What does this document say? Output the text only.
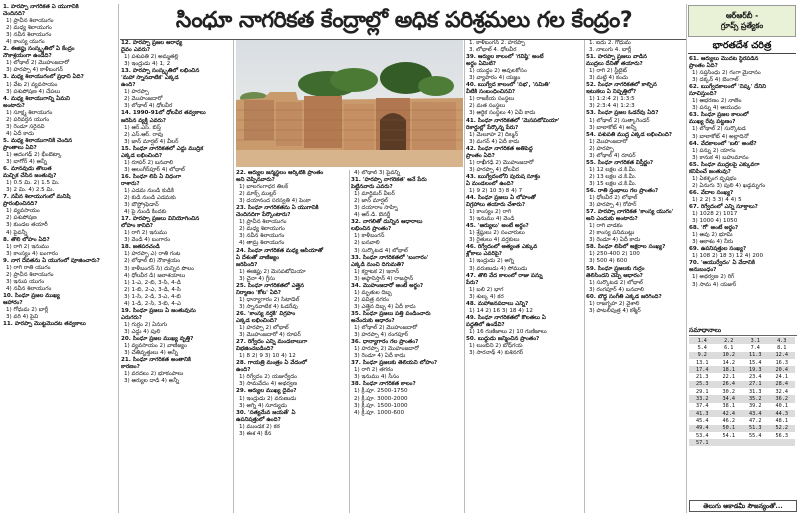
సింధూ నాగరికత కేంద్రాల్లో అధిక పరిశ్రమలు గల కేంద్రం?	ఆర్ఆర్‌బీ -
గ్రూప్స్ ప్రత్యేకం
భారతదేశ చరిత్ర

1. హరప్పా నాగరికత ఏ యుగానికి

చెందినది?

1) ప్రాచీన శిలాయుగం

2) మధ్య శిలాయుగం

3) నవీన శిలాయుగం

4) కాంస్య యుగం

2. ఈజిప్టు సంస్కృతిలో ఏ కేంద్రం

నౌకాశ్రయంగా ఉండేది?

1) లోథాల్ 2) మొహంజదారో

3) హరప్పా 4) కాళీబంగన్

3. మధ్య శిలాయుగంలో ప్రధాని ఏది?

1) వేట 2) వ్యవసాయం

3) పశుపోషణ 4) చేపలు

4. మధ్య శిలాయుగాన్ని ఏమని

అంటారు?

1) సూక్ష్మ శిలాయుగం

2) పరివర్తన యుగం

3) రెండూ సరైనవి

4) ఏదీ కాదు

5. మధ్య శిలాయుగానికి చెందిన

ప్రాంతాలు ఏవి?

1) ఆదంగఢ్ 2) భీంబెట్కా

3) బాగోర్ 4) అన్నీ

6. మానవుడు తొలుత

మచ్చిక చేసిన జంతువు?

1) 0.5 మి. 2) 1.5 మి.

3) 2 మి. 4) 2.5 మి.

7. నవీన శిలాయుగంలో మనిషి

ప్రారంభించినది?

1) వ్యవసాయం

2) పశుపోషణ

3) కుండల తయారీ

4) పైవన్నీ

8. తొలి లోహం ఏది?

1) రాగి 2) ఇనుము

3) కాంస్యం 4) బంగారం

9. నాగ దేవతను ఏ యుగంలో పూజించారు?

1) రాగి రాతి యుగం

2) ప్రాచీన శిలాయుగం

3) ఇనుప యుగం

4) నవీన శిలాయుగం

10. సింధూ ప్రజల ముఖ్య

ఆహారం?

1) గోధుమ 2) బార్లీ

3) వరి 4) పైవి

11. హరప్పా మొట్టమొదట తవ్వకాలు

12. హరప్పా ప్రజల ఆరాధ్య

దైవం ఎవరు?

1) పశుపతి 2) అమ్మతల్లి

3) ఇంద్రుడు 4) 1, 2

13. హరప్పా సంస్కృతిలో లభించిన

'మహా స్నానవాటిక' ఎక్కడ

ఉంది?

1) హరప్పా

2) మొహంజదారో

3) లోథాల్ 4) ధోలవీర

14. 1990-91లో ధోలవీర తవ్వకాలు

జరిపిన వ్యక్తి ఎవరు?

1) ఆర్.ఎస్. బిస్త్

2) ఎస్.ఆర్. రావు

3) జాన్ మార్షల్ 4) వీలర్

15. సింధూ నాగరికతలో ఎద్దు ముద్రిక

ఎక్కడ లభించింది?

1) రూపర్ 2) బనవాలి

3) ఆలంగీర్‌పూర్ 4) లోథాల్

16. సింధూ లిపి ఏ విధంగా

రాశారు?

1) ఎడమ నుండి కుడికి

2) కుడి నుండి ఎడమకు

3) బౌస్ట్రోఫెడాన్

4) పై నుండి కిందకు

17. హరప్పా ప్రజలు వినియోగించిన

లోహం కానిది?

1) రాగి 2) ఇనుము

3) వెండి 4) బంగారం

18. జతపరచండి

1) హరప్పా ఎ) రాతి గంట

2) లోథాల్ బి) నౌకాశ్రయం

3) కాళీబంగన్ సి) దున్నిన పొలం

4) ధోలవీర డి) జలాశయాలు

1) 1-ఎ, 2-బి, 3-సి, 4-డి

2) 1-బి, 2-ఎ, 3-డి, 4-సి

3) 1-సి, 2-డి, 3-ఎ, 4-బి

4) 1-డి, 2-సి, 3-బి, 4-ఎ

19. సింధూ ప్రజలు ఏ జంతువును

ఎరుగరు?

1) గుర్రం 2) ఏనుగు

3) ఎద్దు 4) పులి

20. సింధూ ప్రజల ముఖ్య వృత్తి?

1) వ్యవసాయం 2) వాణిజ్యం

3) చేతివృత్తులు 4) అన్నీ

21. సింధూ నాగరికత అంతానికి

కారణం?

1) వరదలు 2) భూకంపాలు

3) ఆర్యుల దాడి 4) అన్నీ

22. ఆర్యుల జన్మస్థలం ఆర్కిటిక్ ప్రాంతం

అని చెప్పినవారు?

1) బాలగంగాధర తిలక్

2) మాక్స్ ముల్లర్

3) దయానంద సరస్వతి 4) పెంకా

23. సింధూ నాగరికతను ఏ యుగానికి

చెందినదిగా పేర్కొంటారు?

1) ప్రాచీన శిలాయుగం

2) మధ్య శిలాయుగం

3) నవీన శిలాయుగం

4) తామ్ర శిలాయుగం

24. సింధూ నాగరికత మధ్య ఆసియాతో

ఏ దేశంతో వాణిజ్యం

జరిపింది?

1) ఈజిప్టు 2) మెసపటోమియా

3) చైనా 4) గ్రీసు

25. సింధూ నాగరికతలో ఎత్తైన

నిర్మాణం 'కోట' ఏది?

1) ధాన్యాగారం 2) సిటాడెల్

3) స్నానవాటిక 4) ఓడరేవు

26. 'కాంస్య నర్తకి' విగ్రహం

ఎక్కడ లభించింది?

1) హరప్పా 2) లోథాల్

3) మొహంజదారో 4) రూపర్

27. రిగ్వేదం ఎన్ని మండలాలుగా

విభజించబడింది?

1) 8 2) 9 3) 10 4) 12

28. గాయత్రి మంత్రం ఏ వేదంలో

ఉంది?

1) రిగ్వేదం 2) యజుర్వేదం

3) సామవేదం 4) అథర్వణ

29. ఆర్యుల ముఖ్య దైవం?

1) ఇంద్రుడు 2) వరుణుడు

3) అగ్ని 4) సూర్యుడు

30. 'సత్యమేవ జయతే' ఏ

ఉపనిషత్తులో ఉంది?

1) ముండక 2) కఠ

3) ఈశ 4) కేన

4) లోథాల్ 3) పైవన్నీ

31. 'హరప్పా నాగరికత' అనే పేరు

పెట్టినవారు ఎవరు?

1) మార్టిమర్ వీలర్

2) జాన్ మార్షల్

3) దయారాం సాహ్ని

4) ఆర్.డి. బెనర్జీ

32. నాగలితో దున్నిన ఆధారాలు

లభించిన ప్రాంతం?

1) కాళీబంగన్

2) బనవాలి

3) సుర్కొటడ 4) లోథాల్

33. సింధూ నాగరికతలో 'బంగారం'

ఎక్కడి నుంచి దిగుమతి?

1) కర్ణాటక 2) ఇరాన్

3) అఫ్గానిస్తాన్ 4) రాజస్థాన్

34. మొహంజదారో అంటే అర్థం?

1) మృతుల దిబ్బ

2) పవిత్ర నగరం

3) ఎత్తైన దిబ్బ 4) ఏదీ కాదు

35. సింధూ ప్రజలు పత్తి పండించారు

అనేందుకు ఆధారం?

1) లోథాల్ 2) మొహంజదారో

3) హరప్పా 4) రంగపూర్

36. ధాన్యాగారం గల ప్రాంతం?

1) హరప్పా 2) మొహంజదారో

3) రెండూ 4) ఏదీ కాదు

37. సింధూ ప్రజలకు తెలియని లోహం?

1) రాగి 2) తగరం

3) ఇనుము 4) సీసం

38. సింధూ నాగరికత కాలం?

1) క్రీ.పూ. 2500-1750

2) క్రీ.పూ. 3000-2000

3) క్రీ.పూ. 1500-1000

4) క్రీ.పూ. 1000-600

1. కాళీబంగన్ 2. హరప్పా

3. లోథాల్ 4. ధోలవీర

39. ఆర్యుల కాలంలో 'గవిష్ఠి' అంటే

అర్థం ఏమిటి?

1) యుద్ధం 2) ఆవులకోసం

3) వ్యాపారం 4) యజ్ఞం

40. ఋగ్వేద కాలంలో 'సభ', 'సమితి'

వీటికి సంబంధించినవి?

1) రాజకీయ సంస్థలు

2) మత సంస్థలు

3) ఆర్థిక సంస్థలు 4) ఏవీ కాదు

41. సింధూ నాగరికతలో 'మెసపటోమియా'

రికార్డుల్లో పేర్కొన్న పేరు?

1) మెలూహ 2) దిల్మన్

3) మగన్ 4) ఏదీ కాదు

42. సింధూ నాగరికత అతిపెద్ద

ప్రాంతం ఏది?

1) రాఖీగఢి 2) మొహంజదారో

3) హరప్పా 4) ధోలవీర

43. ఋగ్వేదంలోని పురుష సూక్తం

ఏ మండలంలో ఉంది?

1) 9 2) 10 3) 8 4) 7

44. సింధూ ప్రజలు ఏ లోహంతో

విగ్రహాలు తయారు చేశారు?

1) కాంస్యం 2) రాగి

3) ఇనుము 4) వెండి

45. 'ఆర్యులు' అంటే అర్థం?

1) శ్రేష్ఠులు 2) సంచారులు

3) రైతులు 4) వర్తకులు

46. రిగ్వేదంలో అత్యంత ఎక్కువ

శ్లోకాలు ఎవరిపై?

1) ఇంద్రుడు 2) అగ్ని

3) వరుణుడు 4) సోముడు

47. తొలి వేద కాలంలో రాజు పన్ను

పేరు?

1) బలి 2) భాగ

3) శుల్క 4) కర

48. మహాజనపదాలు ఎన్ని?

1) 14 2) 16 3) 18 4) 12

49. సింధూ నాగరికతలో కొలతలు ఏ

పద్ధతిలో ఉండేవి?

1) 16 గుణిజాలు 2) 10 గుణిజాలు

50. బుద్ధుడు జన్మించిన ప్రాంతం?

1) లుంబిని 2) బోధ్‌గయ

3) సారనాథ్ 4) కుశినగర్

1. ఐదు 2. గోధుమ

3. నాలుగు 4. బార్లీ

51. హరప్పా ప్రజలు వాడిన

ముద్రలు దేనితో తయారు?

1) రాగి 2) స్టీటైట్

3) మట్టి 4) కంచు

52. సింధూ నాగరికతలో కాల్చిన

ఇటుకలు ఏ నిష్పత్తిలో?

1) 1:2:4 2) 1:3:5

3) 2:3:4 4) 1:2:3

53. సింధూ ప్రజల ఓడరేవు ఏది?

1) లోథాల్ 2) సుత్కాగెండర్

3) బాలాకోట్ 4) అన్నీ

54. పశుపతి ముద్ర ఎక్కడ లభించింది?

1) మొహంజదారో

2) హరప్పా

3) లోథాల్ 4) రూపర్

55. సింధూ నాగరికత విస్తీర్ణం?

1) 12 లక్షల చ.కి.మీ.

2) 13 లక్షల చ.కి.మీ.

3) 15 లక్షల చ.కి.మీ.

56. రాతి స్తంభాలు గల ప్రాంతం?

1) ధోలవీర 2) లోథాల్

3) హరప్పా 4) రోపార్

57. హరప్పా నాగరికత 'కాంస్య యుగం'

అని ఎందుకు అంటారు?

1) రాగి వాడకం

2) కాంస్య పనిముట్లు

3) రెండూ 4) ఏదీ కాదు

58. సింధూ లిపిలో అక్షరాల సంఖ్య?

1) 250-400 2) 100

3) 500 4) 600

59. సింధూ ప్రజలకు గుర్రం

తెలిసిందని చెప్పే ఆధారం?

1) సుర్కొటడ 2) లోథాల్

3) రంగపూర్ 4) బనవాలి

60. బౌద్ధ సంగీతి ఎక్కడ జరిగింది?

1) రాజగృహ 2) వైశాలి

3) పాటలీపుత్ర 4) కశ్మీర్

61. ఆర్యులు మొదట స్థిరపడిన

ప్రాంతం ఏది?

1) సప్తసింధు 2) గంగా మైదానం

3) దక్కన్ 4) బెంగాల్

62. ఋగ్వేదకాలంలో 'నిష్క' దేనిని

సూచిస్తుంది?

1) ఆభరణం 2) నాణెం

3) పన్ను 4) ఆయుధం

63. సింధూ ప్రజల కాలంలో

ముఖ్య రేవు పట్టణం?

1) లోథాల్ 2) సుర్కొటడ

3) బాలాకోట్ 4) అల్లాదినో

64. వేదకాలంలో 'బలి' అంటే?

1) పన్ను 2) యాగం

3) కానుక 4) బహుమానం

65. సింధూ ముద్రలపై ఎక్కువగా

కనిపించే జంతువు?

1) ఏకశృంగ వృషభం

2) ఏనుగు 3) పులి 4) ఖడ్గమృగం

66. వేదాల సంఖ్య?

1) 2 2) 3 3) 4 4) 5

67. రిగ్వేదంలో ఎన్ని సూక్తాలు?

1) 1028 2) 1017

3) 1000 4) 1050

68. 'గో' అంటే అర్థం?

1) ఆవు 2) భూమి

3) ఆకాశం 4) నీరు

69. ఉపనిషత్తుల సంఖ్య?

1) 108 2) 18 3) 12 4) 200

70. 'ఆయుర్వేదం' ఏ వేదానికి

అనుబంధం?

1) అథర్వణ 2) రిగ్

3) సామ 4) యజుర్

సమాధానాలు
1.4	2.2	3.1	4.3
5.4	6.1	7.4	8.1
9.2	10.2	11.3	12.4
13.1	14.2	15.4	16.3
17.4	18.1	19.3	20.4
21.3	22.1	23.4	24.1
25.3	26.4	27.1	28.4
29.1	30.2	31.3	32.4
33.2	34.4	35.2	36.2
37.4	38.1	39.2	40.1
41.3	42.4	43.4	44.3
45.4	46.2	47.2	48.1
49.4	50.1	51.3	52.2
53.4	54.1	55.4	56.3
57.1			
తెలుగు అకాడమీ సౌజన్యంతో...
